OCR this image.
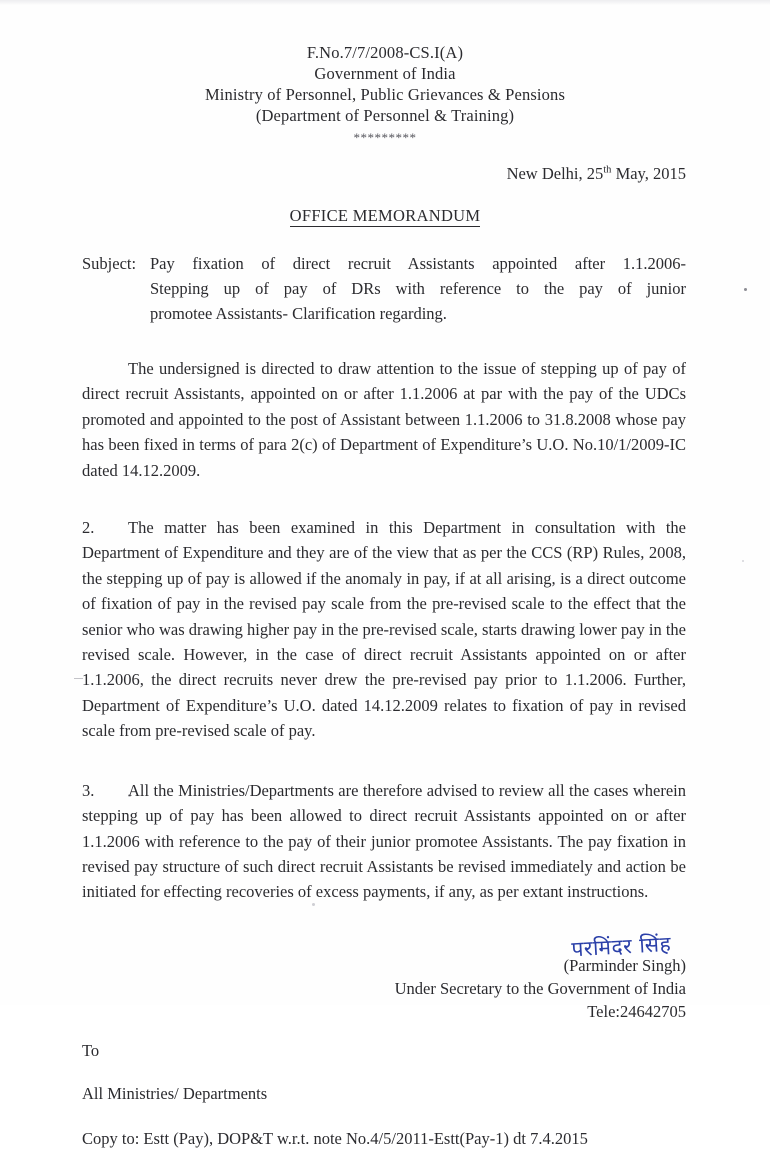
F.No.7/7/2008-CS.I(A)
Government of India
Ministry of Personnel, Public Grievances & Pensions
(Department of Personnel & Training)
*********
New Delhi, 25th May, 2015
OFFICE MEMORANDUM
Subject: Pay fixation of direct recruit Assistants appointed after 1.1.2006-
Stepping up of pay of DRs with reference to the pay of junior
promotee Assistants- Clarification regarding.

The undersigned is directed to draw attention to the issue of stepping up of pay of direct recruit Assistants, appointed on or after 1.1.2006 at par with the pay of the UDCs promoted and appointed to the post of Assistant between 1.1.2006 to 31.8.2008 whose pay has been fixed in terms of para 2(c) of Department of Expenditure’s U.O. No.10/1/2009-IC dated 14.12.2009.

2. The matter has been examined in this Department in consultation with the Department of Expenditure and they are of the view that as per the CCS (RP) Rules, 2008, the stepping up of pay is allowed if the anomaly in pay, if at all arising, is a direct outcome of fixation of pay in the revised pay scale from the pre-revised scale to the effect that the senior who was drawing higher pay in the pre-revised scale, starts drawing lower pay in the revised scale. However, in the case of direct recruit Assistants appointed on or after 1.1.2006, the direct recruits never drew the pre-revised pay prior to 1.1.2006. Further, Department of Expenditure’s U.O. dated 14.12.2009 relates to fixation of pay in revised scale from pre-revised scale of pay.

3. All the Ministries/Departments are therefore advised to review all the cases wherein stepping up of pay has been allowed to direct recruit Assistants appointed on or after 1.1.2006 with reference to the pay of their junior promotee Assistants. The pay fixation in revised pay structure of such direct recruit Assistants be revised immediately and action be initiated for effecting recoveries of excess payments, if any, as per extant instructions.

परमिंदर सिंह
(Parminder Singh)
Under Secretary to the Government of India
Tele:24642705
To
All Ministries/ Departments
Copy to: Estt (Pay), DOP&T w.r.t. note No.4/5/2011-Estt(Pay-1) dt 7.4.2015
